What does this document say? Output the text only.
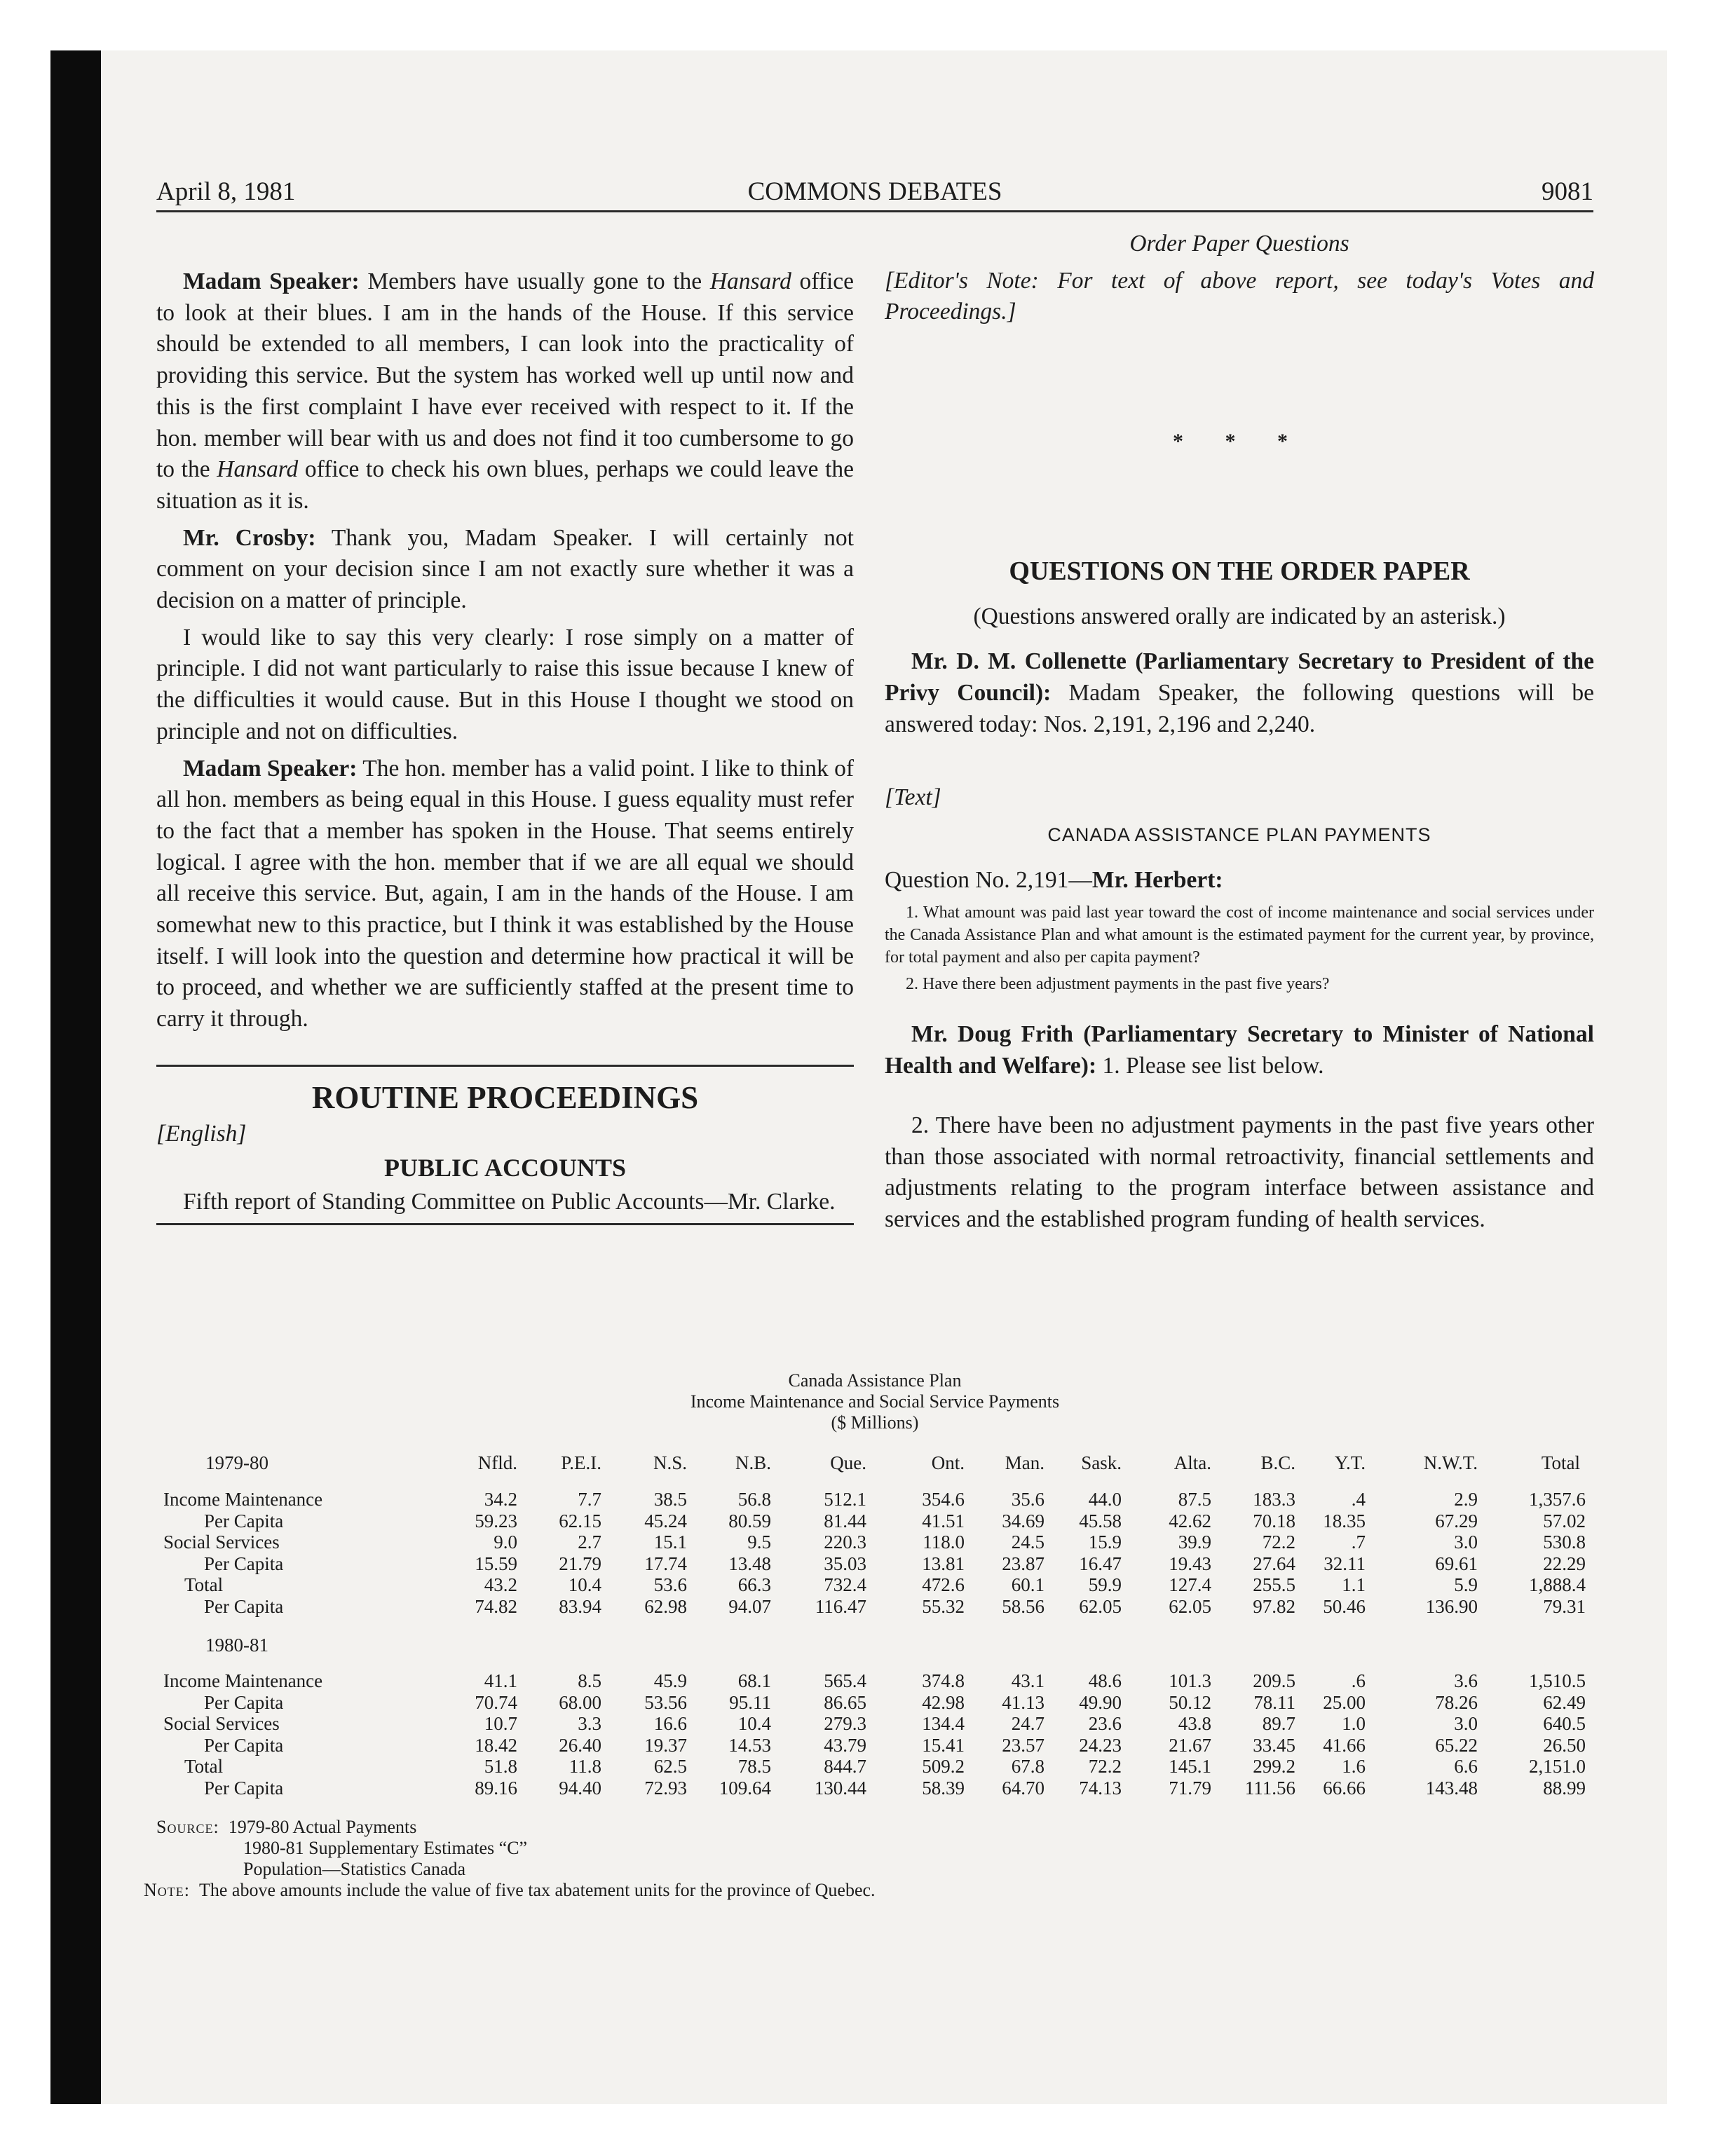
April 8, 1981	COMMONS DEBATES	9081

Madam Speaker: Members have usually gone to the Hansard office to look at their blues. I am in the hands of the House. If this service should be extended to all members, I can look into the practicality of providing this service. But the system has worked well up until now and this is the first complaint I have ever received with respect to it. If the hon. member will bear with us and does not find it too cumbersome to go to the Hansard office to check his own blues, perhaps we could leave the situation as it is.

Mr. Crosby: Thank you, Madam Speaker. I will certainly not comment on your decision since I am not exactly sure whether it was a decision on a matter of principle.

I would like to say this very clearly: I rose simply on a matter of principle. I did not want particularly to raise this issue because I knew of the difficulties it would cause. But in this House I thought we stood on principle and not on difficulties.

Madam Speaker: The hon. member has a valid point. I like to think of all hon. members as being equal in this House. I guess equality must refer to the fact that a member has spoken in the House. That seems entirely logical. I agree with the hon. member that if we are all equal we should all receive this service. But, again, I am in the hands of the House. I am somewhat new to this practice, but I think it was established by the House itself. I will look into the question and determine how practical it will be to proceed, and whether we are sufficiently staffed at the present time to carry it through.

ROUTINE PROCEEDINGS
[English]
PUBLIC ACCOUNTS

Fifth report of Standing Committee on Public Accounts—Mr. Clarke.

Order Paper Questions

[Editor's Note: For text of above report, see today's Votes and Proceedings.]

* * *
QUESTIONS ON THE ORDER PAPER

(Questions answered orally are indicated by an asterisk.)

Mr. D. M. Collenette (Parliamentary Secretary to President of the Privy Council): Madam Speaker, the following questions will be answered today: Nos. 2,191, 2,196 and 2,240.

[Text]

CANADA ASSISTANCE PLAN PAYMENTS

Question No. 2,191—Mr. Herbert:

1. What amount was paid last year toward the cost of income maintenance and social services under the Canada Assistance Plan and what amount is the estimated payment for the current year, by province, for total payment and also per capita payment?

2. Have there been adjustment payments in the past five years?

Mr. Doug Frith (Parliamentary Secretary to Minister of National Health and Welfare): 1. Please see list below.

2. There have been no adjustment payments in the past five years other than those associated with normal retroactivity, financial settlements and adjustments relating to the program interface between assistance and services and the established program funding of health services.

Canada Assistance Plan
Income Maintenance and Social Service Payments
($ Millions)
Nfld. P.E.I.	N.S.	N.B.	Que.	Ont. Man. Sask.	Alta.	B.C. Y.T.	N.W.T.	Total
1979-80
Income Maintenance	34.2	7.7	38.5	56.8	512.1	354.6 35.6 44.0	87.5 183.3	.4	2.9	1,357.6
Per Capita	59.23 62.15 45.24 80.59	81.44	41.51 34.69 45.58 42.62 70.18 18.35	67.29	57.02
Social Services	9.0	2.7	15.1	9.5	220.3	118.0 24.5 15.9	39.9	72.2	.7	3.0	530.8
Per Capita	15.59 21.79 17.74 13.48	35.03	13.81 23.87 16.47 19.43 27.64 32.11	69.61	22.29
Total	43.2	10.4	53.6	66.3	732.4	472.6 60.1 59.9 127.4 255.5 1.1	5.9	1,888.4
Per Capita	74.82 83.94 62.98 94.07 116.47	55.32 58.56 62.05 62.05 97.82 50.46	136.90	79.31
1980-81
Income Maintenance	41.1	8.5	45.9	68.1	565.4	374.8 43.1 48.6 101.3 209.5	.6	3.6	1,510.5
Per Capita	70.74 68.00 53.56 95.11	86.65	42.98 41.13 49.90 50.12 78.11 25.00	78.26	62.49
Social Services	10.7	3.3	16.6	10.4	279.3	134.4 24.7 23.6	43.8	89.7 1.0	3.0	640.5
Per Capita	18.42 26.40 19.37 14.53	43.79	15.41 23.57 24.23 21.67 33.45 41.66	65.22	26.50
Total	51.8	11.8	62.5	78.5	844.7	509.2 67.8 72.2 145.1 299.2 1.6	6.6	2,151.0
Per Capita	89.16 94.40 72.93 109.64 130.44	58.39 64.70 74.13 71.79 111.56 66.66	143.48	88.99
Source: 1979-80 Actual Payments
1980-81 Supplementary Estimates “C”
Population—Statistics Canada
Note: The above amounts include the value of five tax abatement units for the province of Quebec.
